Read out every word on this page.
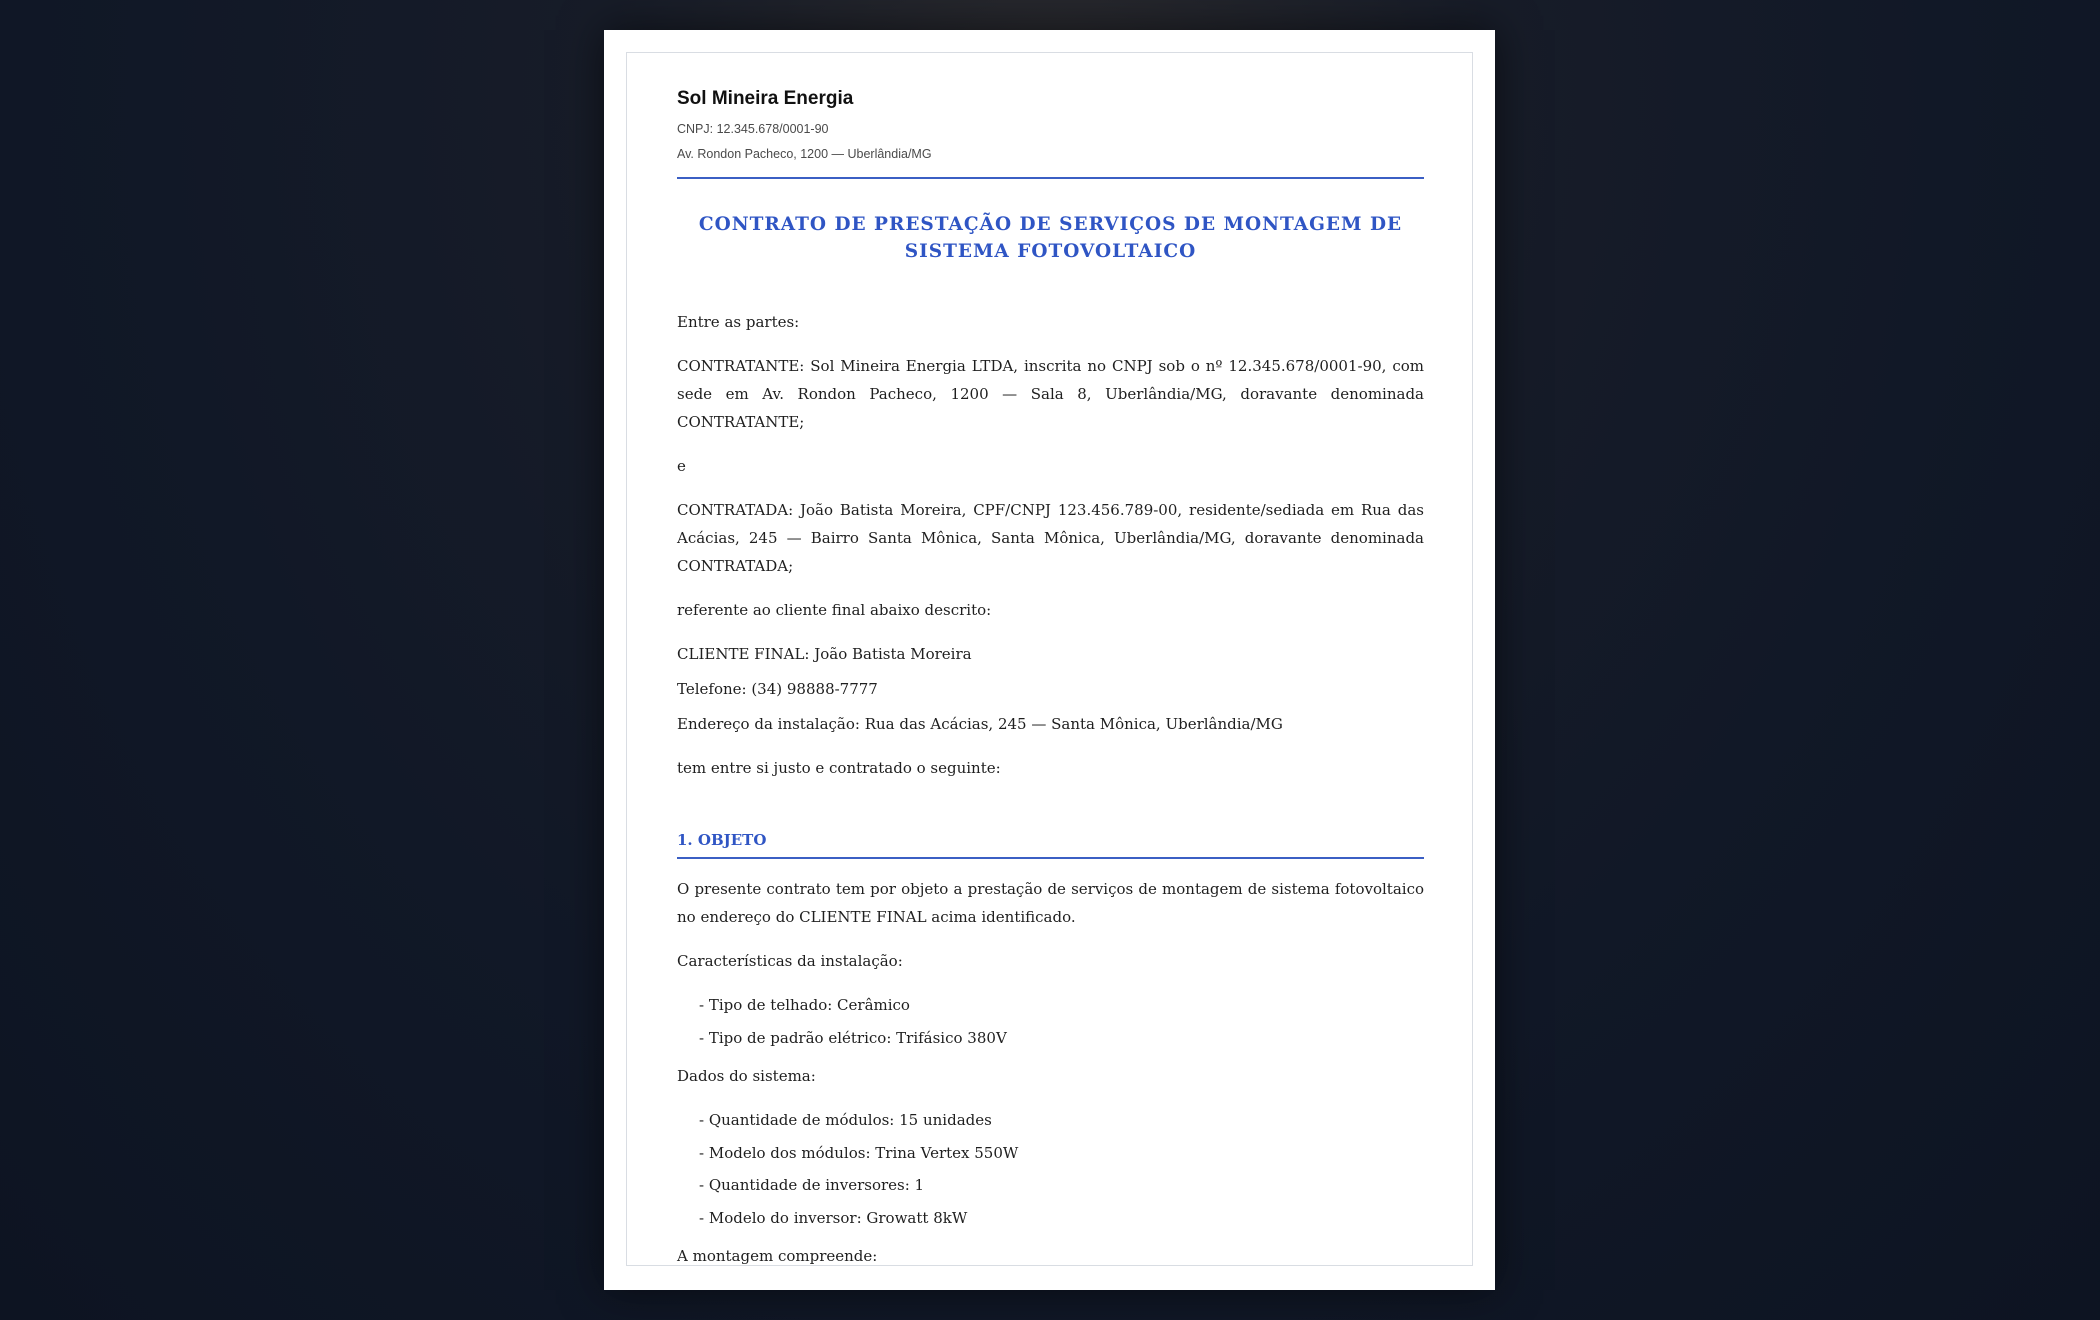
Sol Mineira Energia
CNPJ: 12.345.678/0001-90
Av. Rondon Pacheco, 1200 — Uberlândia/MG
CONTRATO DE PRESTAÇÃO DE SERVIÇOS DE MONTAGEM DE SISTEMA FOTOVOLTAICO

Entre as partes:

CONTRATANTE: Sol Mineira Energia LTDA, inscrita no CNPJ sob o nº 12.345.678/0001-90, com sede em Av. Rondon Pacheco, 1200 — Sala 8, Uberlândia/MG, doravante denominada CONTRATANTE;

e

CONTRATADA: João Batista Moreira, CPF/CNPJ 123.456.789-00, residente/sediada em Rua das Acácias, 245 — Bairro Santa Mônica, Santa Mônica, Uberlândia/MG, doravante denominada CONTRATADA;

referente ao cliente final abaixo descrito:

CLIENTE FINAL: João Batista Moreira

Telefone: (34) 98888-7777

Endereço da instalação: Rua das Acácias, 245 — Santa Mônica, Uberlândia/MG

tem entre si justo e contratado o seguinte:

1. OBJETO

O presente contrato tem por objeto a prestação de serviços de montagem de sistema fotovoltaico no endereço do CLIENTE FINAL acima identificado.

Características da instalação:

- Tipo de telhado: Cerâmico
- Tipo de padrão elétrico: Trifásico 380V

Dados do sistema:

- Quantidade de módulos: 15 unidades
- Modelo dos módulos: Trina Vertex 550W
- Quantidade de inversores: 1
- Modelo do inversor: Growatt 8kW

A montagem compreende:
